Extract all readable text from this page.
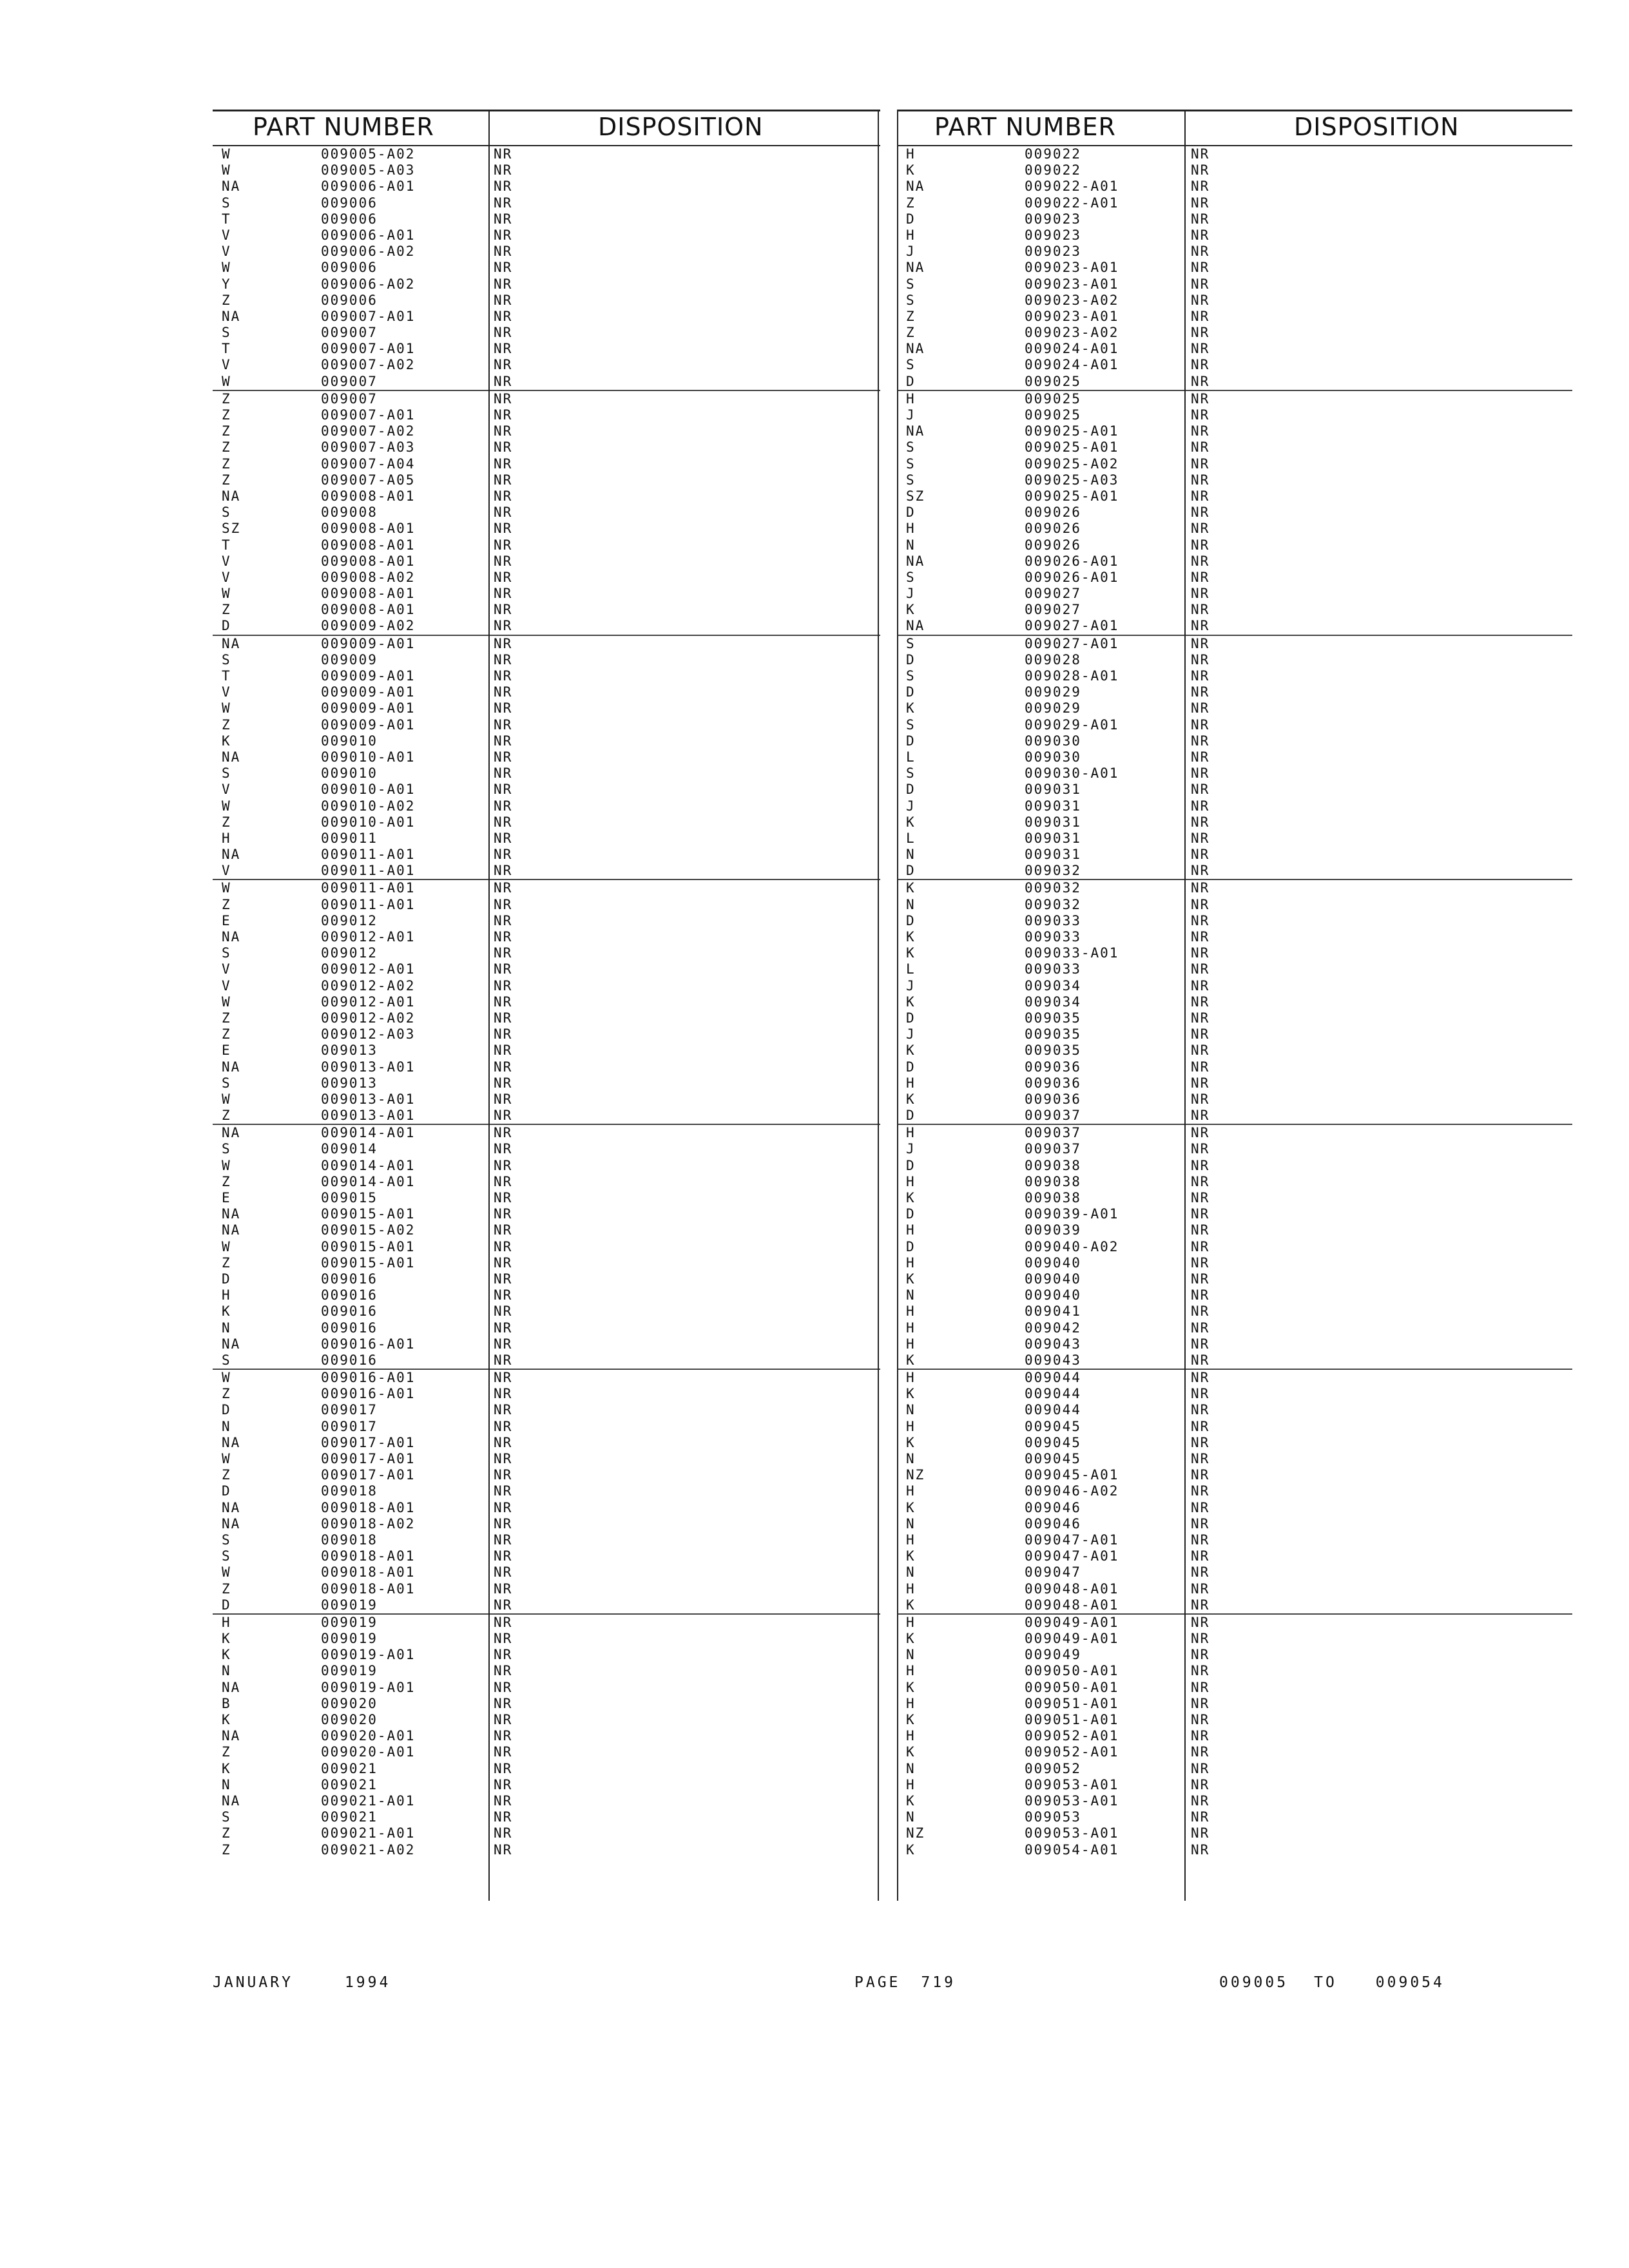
PART NUMBER	DISPOSITION
W	009005-A02	NR
W	009005-A03	NR
NA	009006-A01	NR
S	009006	NR
T	009006	NR
V	009006-A01	NR
V	009006-A02	NR
W	009006	NR
Y	009006-A02	NR
Z	009006	NR
NA	009007-A01	NR
S	009007	NR
T	009007-A01	NR
V	009007-A02	NR
W	009007	NR
Z	009007	NR
Z	009007-A01	NR
Z	009007-A02	NR
Z	009007-A03	NR
Z	009007-A04	NR
Z	009007-A05	NR
NA	009008-A01	NR
S	009008	NR
SZ	009008-A01	NR
T	009008-A01	NR
V	009008-A01	NR
V	009008-A02	NR
W	009008-A01	NR
Z	009008-A01	NR
D	009009-A02	NR
NA	009009-A01	NR
S	009009	NR
T	009009-A01	NR
V	009009-A01	NR
W	009009-A01	NR
Z	009009-A01	NR
K	009010	NR
NA	009010-A01	NR
S	009010	NR
V	009010-A01	NR
W	009010-A02	NR
Z	009010-A01	NR
H	009011	NR
NA	009011-A01	NR
V	009011-A01	NR
W	009011-A01	NR
Z	009011-A01	NR
E	009012	NR
NA	009012-A01	NR
S	009012	NR
V	009012-A01	NR
V	009012-A02	NR
W	009012-A01	NR
Z	009012-A02	NR
Z	009012-A03	NR
E	009013	NR
NA	009013-A01	NR
S	009013	NR
W	009013-A01	NR
Z	009013-A01	NR
NA	009014-A01	NR
S	009014	NR
W	009014-A01	NR
Z	009014-A01	NR
E	009015	NR
NA	009015-A01	NR
NA	009015-A02	NR
W	009015-A01	NR
Z	009015-A01	NR
D	009016	NR
H	009016	NR
K	009016	NR
N	009016	NR
NA	009016-A01	NR
S	009016	NR
W	009016-A01	NR
Z	009016-A01	NR
D	009017	NR
N	009017	NR
NA	009017-A01	NR
W	009017-A01	NR
Z	009017-A01	NR
D	009018	NR
NA	009018-A01	NR
NA	009018-A02	NR
S	009018	NR
S	009018-A01	NR
W	009018-A01	NR
Z	009018-A01	NR
D	009019	NR
H	009019	NR
K	009019	NR
K	009019-A01	NR
N	009019	NR
NA	009019-A01	NR
B	009020	NR
K	009020	NR
NA	009020-A01	NR
Z	009020-A01	NR
K	009021	NR
N	009021	NR
NA	009021-A01	NR
S	009021	NR
Z	009021-A01	NR
Z	009021-A02	NR
PART NUMBER	DISPOSITION
H	009022	NR
K	009022	NR
NA	009022-A01	NR
Z	009022-A01	NR
D	009023	NR
H	009023	NR
J	009023	NR
NA	009023-A01	NR
S	009023-A01	NR
S	009023-A02	NR
Z	009023-A01	NR
Z	009023-A02	NR
NA	009024-A01	NR
S	009024-A01	NR
D	009025	NR
H	009025	NR
J	009025	NR
NA	009025-A01	NR
S	009025-A01	NR
S	009025-A02	NR
S	009025-A03	NR
SZ	009025-A01	NR
D	009026	NR
H	009026	NR
N	009026	NR
NA	009026-A01	NR
S	009026-A01	NR
J	009027	NR
K	009027	NR
NA	009027-A01	NR
S	009027-A01	NR
D	009028	NR
S	009028-A01	NR
D	009029	NR
K	009029	NR
S	009029-A01	NR
D	009030	NR
L	009030	NR
S	009030-A01	NR
D	009031	NR
J	009031	NR
K	009031	NR
L	009031	NR
N	009031	NR
D	009032	NR
K	009032	NR
N	009032	NR
D	009033	NR
K	009033	NR
K	009033-A01	NR
L	009033	NR
J	009034	NR
K	009034	NR
D	009035	NR
J	009035	NR
K	009035	NR
D	009036	NR
H	009036	NR
K	009036	NR
D	009037	NR
H	009037	NR
J	009037	NR
D	009038	NR
H	009038	NR
K	009038	NR
D	009039-A01	NR
H	009039	NR
D	009040-A02	NR
H	009040	NR
K	009040	NR
N	009040	NR
H	009041	NR
H	009042	NR
H	009043	NR
K	009043	NR
H	009044	NR
K	009044	NR
N	009044	NR
H	009045	NR
K	009045	NR
N	009045	NR
NZ	009045-A01	NR
H	009046-A02	NR
K	009046	NR
N	009046	NR
H	009047-A01	NR
K	009047-A01	NR
N	009047	NR
H	009048-A01	NR
K	009048-A01	NR
H	009049-A01	NR
K	009049-A01	NR
N	009049	NR
H	009050-A01	NR
K	009050-A01	NR
H	009051-A01	NR
K	009051-A01	NR
H	009052-A01	NR
K	009052-A01	NR
N	009052	NR
H	009053-A01	NR
K	009053-A01	NR
N	009053	NR
NZ	009053-A01	NR
K	009054-A01	NR
JANUARY	1994	PAGE 719	009005 TO	009054
